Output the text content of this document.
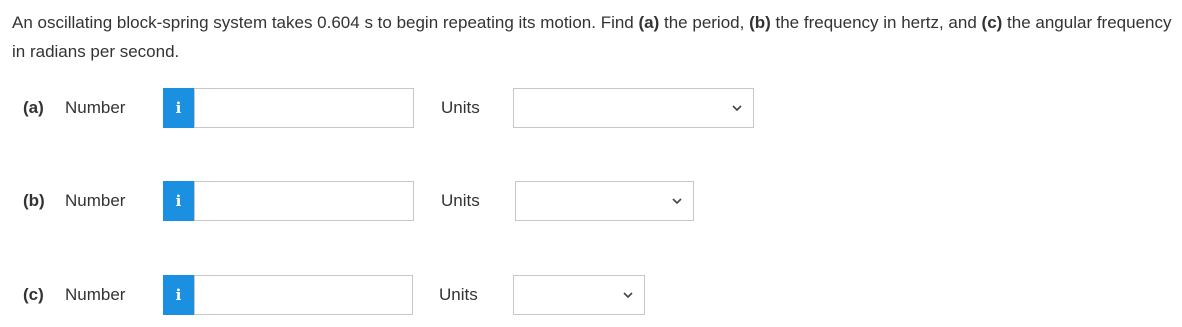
An oscillating block-spring system takes 0.604 s to begin repeating its motion. Find (a) the period, (b) the frequency in hertz, and (c) the angular frequency in radians per second.
(a) Number	i	Units
(b) Number	i	Units
(c) Number	i	Units
